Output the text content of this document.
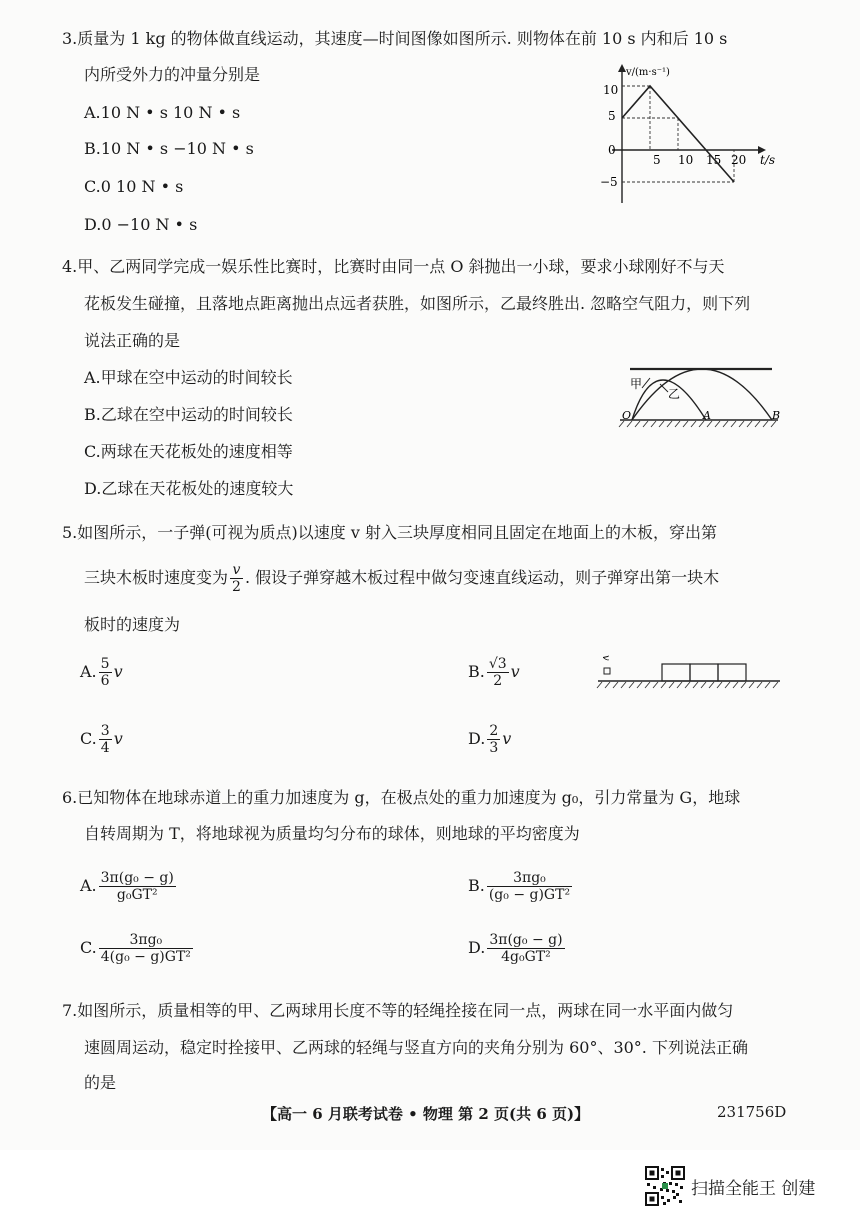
3.质量为 1 kg 的物体做直线运动，其速度—时间图像如图所示. 则物体在前 10 s 内和后 10 s
内所受外力的冲量分别是
A.10 N • s 10 N • s
B.10 N • s −10 N • s
C.0 10 N • s
D.0 −10 N • s
v/(m·s⁻¹)
t/s
10
5
0
−5
5 10 15 20
4.甲、乙两同学完成一娱乐性比赛时，比赛时由同一点 O 斜抛出一小球，要求小球刚好不与天
花板发生碰撞，且落地点距离抛出点远者获胜，如图所示，乙最终胜出. 忽略空气阻力，则下列
说法正确的是
A.甲球在空中运动的时间较长
B.乙球在空中运动的时间较长
C.两球在天花板处的速度相等
D.乙球在天花板处的速度较大
甲
乙
O	A	B
5.如图所示，一子弹(可视为质点)以速度 v 射入三块厚度相同且固定在地面上的木板，穿出第
三块木板时速度变为 $\frac{v}{2}$ . 假设子弹穿越木板过程中做匀变速直线运动，则子弹穿出第一块木
板时的速度为
A. $\frac{5}{6}$ v	B. $\frac{√3}{2}$ v
C. $\frac{3}{4}$ v	D. $\frac{2}{3}$ v
v
6.已知物体在地球赤道上的重力加速度为 g，在极点处的重力加速度为 g₀，引力常量为 G，地球
自转周期为 T，将地球视为质量均匀分布的球体，则地球的平均密度为
A. $\frac{\text{3π(g₀ − g)}}{\text{g₀GT²}}$	B. $\frac{\text{3πg₀}}{\text{(g₀ − g)GT²}}$
C. $\frac{\text{3πg₀}}{\text{4(g₀ − g)GT²}}$	D. $\frac{\text{3π(g₀ − g)}}{\text{4g₀GT²}}$
7.如图所示，质量相等的甲、乙两球用长度不等的轻绳拴接在同一点，两球在同一水平面内做匀
速圆周运动，稳定时拴接甲、乙两球的轻绳与竖直方向的夹角分别为 60°、30°. 下列说法正确
的是
【高一 6 月联考试卷 • 物理 第 2 页(共 6 页)】	231756D
扫描全能王 创建
